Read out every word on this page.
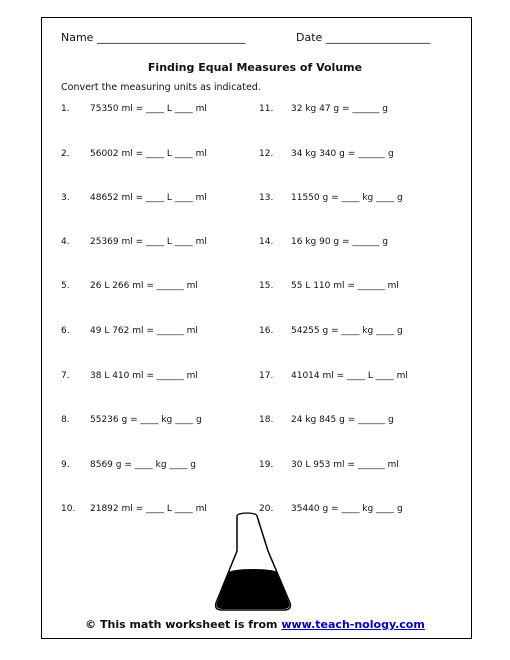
Name ___________________________	Date ___________________
Finding Equal Measures of Volume
Convert the measuring units as indicated.
1. 75350 ml = ____ L ____ ml
2. 56002 ml = ____ L ____ ml
3. 48652 ml = ____ L ____ ml
4. 25369 ml = ____ L ____ ml
5. 26 L 266 ml = ______ ml
6. 49 L 762 ml = ______ ml
7. 38 L 410 ml = ______ ml
8. 55236 g = ____ kg ____ g
9. 8569 g = ____ kg ____ g
10. 21892 ml = ____ L ____ ml
11. 32 kg 47 g = ______ g
12. 34 kg 340 g = ______ g
13. 11550 g = ____ kg ____ g
14. 16 kg 90 g = ______ g
15. 55 L 110 ml = ______ ml
16. 54255 g = ____ kg ____ g
17. 41014 ml = ____ L ____ ml
18. 24 kg 845 g = ______ g
19. 30 L 953 ml = ______ ml
20. 35440 g = ____ kg ____ g
© This math worksheet is from www.teach-nology.com
